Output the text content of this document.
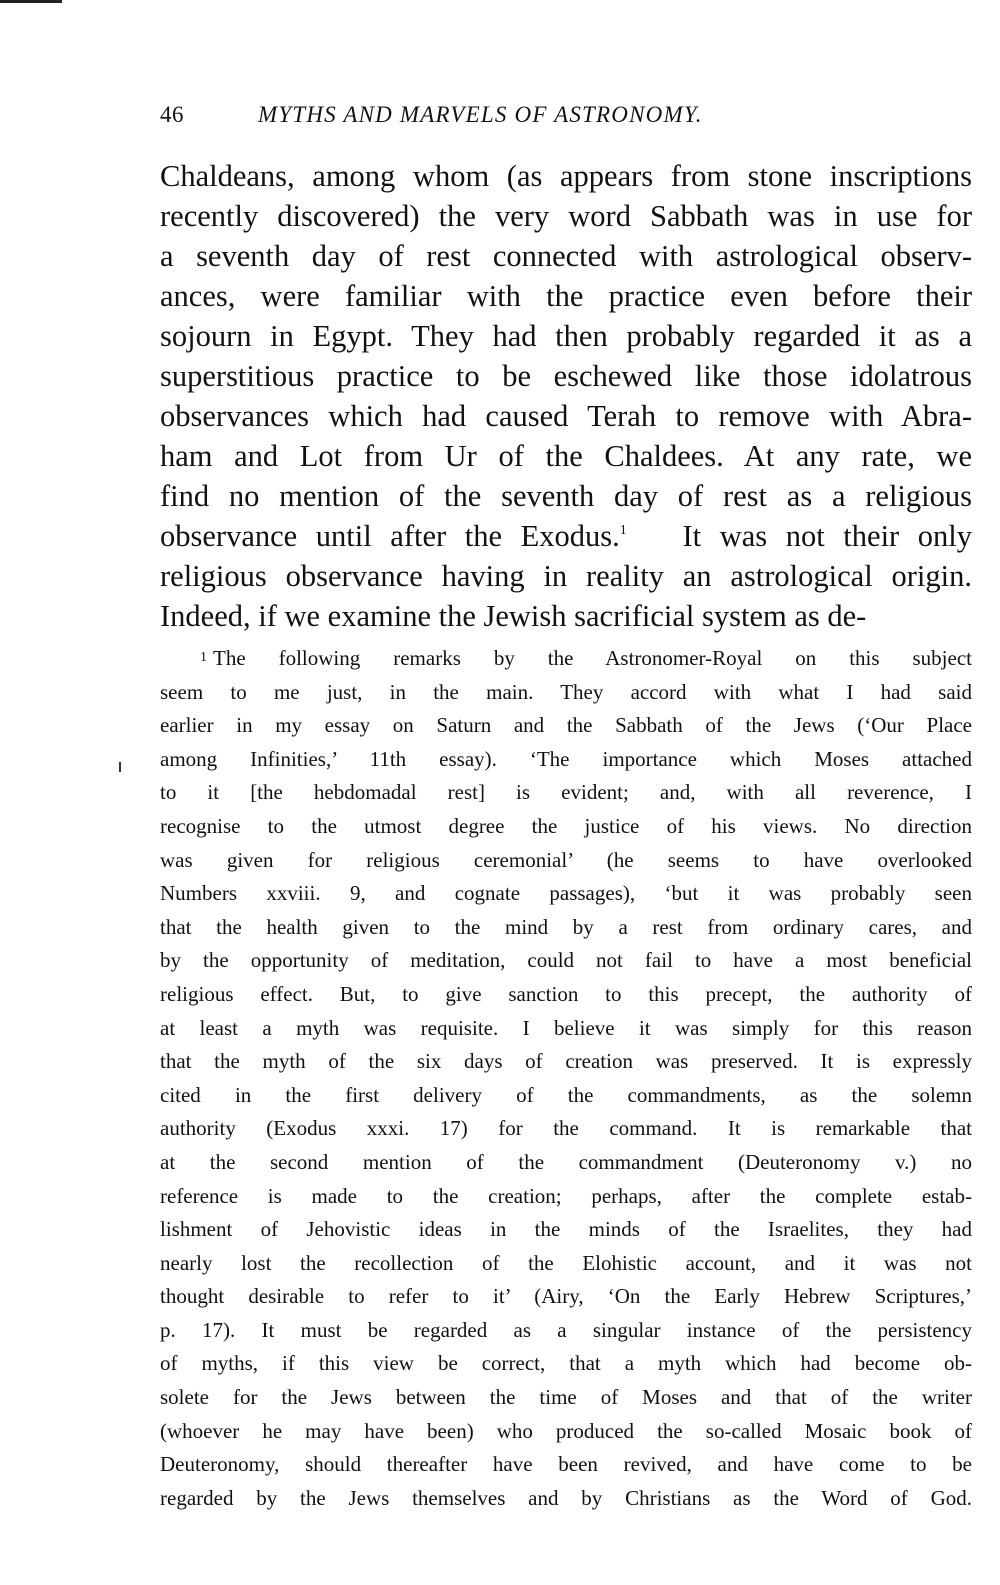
46	MYTHS AND MARVELS OF ASTRONOMY.
Chaldeans, among whom (as appears from stone inscriptions
recently discovered) the very word Sabbath was in use for
a seventh day of rest connected with astrological observ-
ances, were familiar with the practice even before their
sojourn in Egypt. They had then probably regarded it as a
superstitious practice to be eschewed like those idolatrous
observances which had caused Terah to remove with Abra-
ham and Lot from Ur of the Chaldees. At any rate, we
find no mention of the seventh day of rest as a religious
observance until after the Exodus.$^1$ It was not their only
religious observance having in reality an astrological origin.
Indeed, if we examine the Jewish sacrificial system as de-
1 The following remarks by the Astronomer-Royal on this subject
seem to me just, in the main. They accord with what I had said
earlier in my essay on Saturn and the Sabbath of the Jews (‘Our Place
among Infinities,’ 11th essay). ‘The importance which Moses attached
to it [the hebdomadal rest] is evident; and, with all reverence, I
recognise to the utmost degree the justice of his views. No direction
was given for religious ceremonial’ (he seems to have overlooked
Numbers xxviii. 9, and cognate passages), ‘but it was probably seen
that the health given to the mind by a rest from ordinary cares, and
by the opportunity of meditation, could not fail to have a most beneficial
religious effect. But, to give sanction to this precept, the authority of
at least a myth was requisite. I believe it was simply for this reason
that the myth of the six days of creation was preserved. It is expressly
cited in the first delivery of the commandments, as the solemn
authority (Exodus xxxi. 17) for the command. It is remarkable that
at the second mention of the commandment (Deuteronomy v.) no
reference is made to the creation; perhaps, after the complete estab-
lishment of Jehovistic ideas in the minds of the Israelites, they had
nearly lost the recollection of the Elohistic account, and it was not
thought desirable to refer to it’ (Airy, ‘On the Early Hebrew Scriptures,’
p. 17). It must be regarded as a singular instance of the persistency
of myths, if this view be correct, that a myth which had become ob-
solete for the Jews between the time of Moses and that of the writer
(whoever he may have been) who produced the so-called Mosaic book of
Deuteronomy, should thereafter have been revived, and have come to be
regarded by the Jews themselves and by Christians as the Word of God.
